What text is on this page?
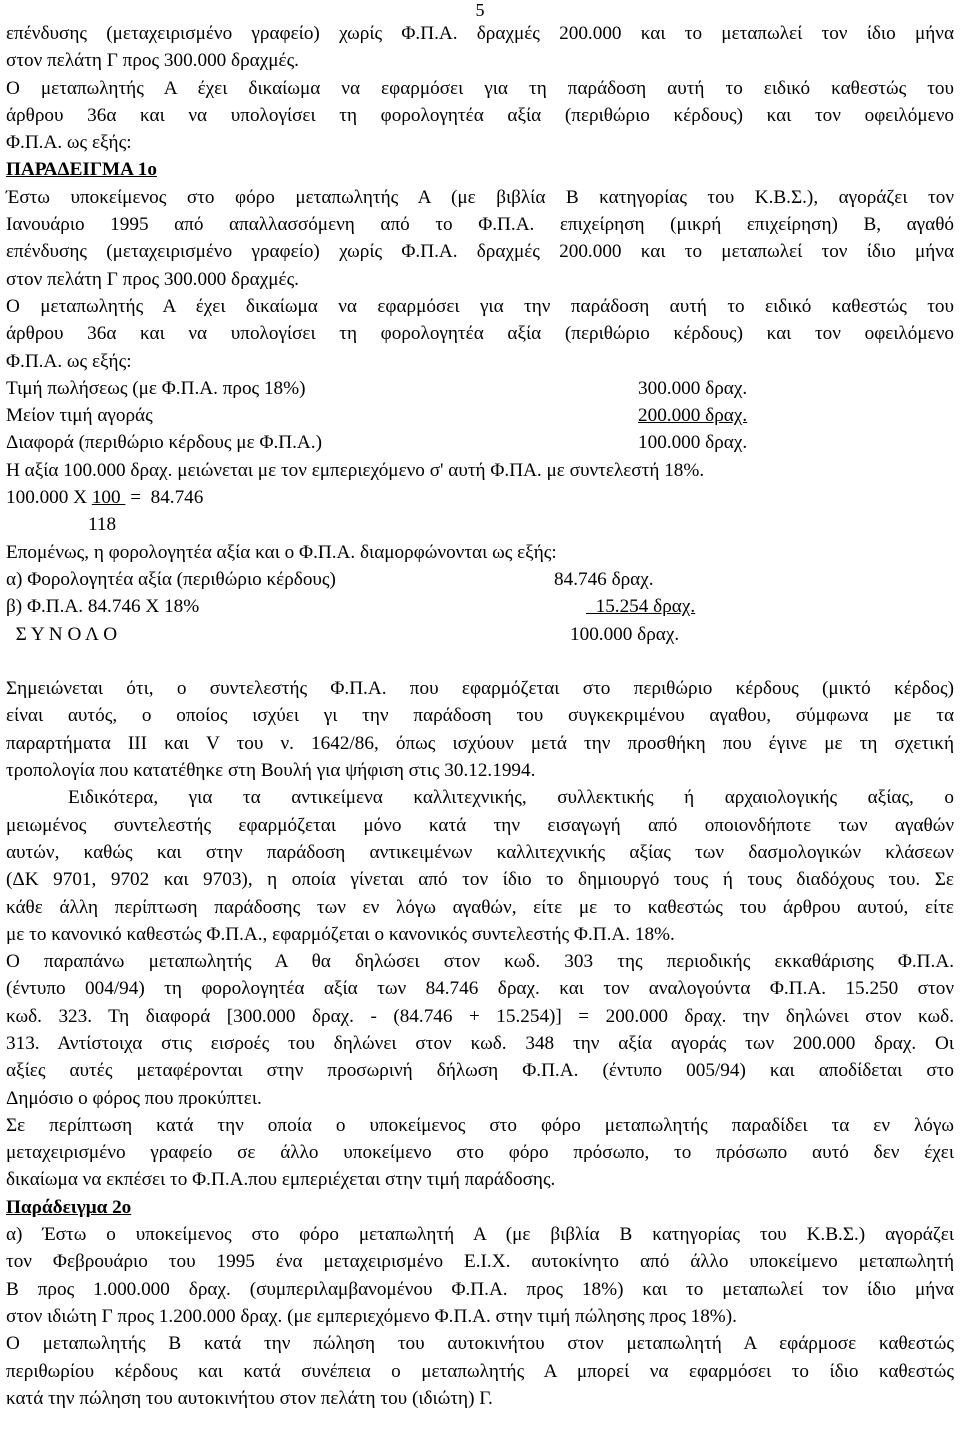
5

επένδυσης (μεταχειρισμένο γραφείο) χωρίς Φ.Π.Α. δραχμές 200.000 και το μεταπωλεί τον ίδιο μήνα

στον πελάτη Γ προς 300.000 δραχμές.

Ο μεταπωλητής Α έχει δικαίωμα να εφαρμόσει για τη παράδοση αυτή το ειδικό καθεστώς του

άρθρου 36α και να υπολογίσει τη φορολογητέα αξία (περιθώριο κέρδους) και τον οφειλόμενο

Φ.Π.Α. ως εξής:

ΠΑΡΑΔΕΙΓΜΑ 1ο

Έστω υποκείμενος στο φόρο μεταπωλητής Α (με βιβλία Β κατηγορίας του Κ.Β.Σ.), αγοράζει τον

Ιανουάριο 1995 από απαλλασσόμενη από το Φ.Π.Α. επιχείρηση (μικρή επιχείρηση) Β, αγαθό

επένδυσης (μεταχειρισμένο γραφείο) χωρίς Φ.Π.Α. δραχμές 200.000 και το μεταπωλεί τον ίδιο μήνα

στον πελάτη Γ προς 300.000 δραχμές.

Ο μεταπωλητής Α έχει δικαίωμα να εφαρμόσει για την παράδοση αυτή το ειδικό καθεστώς του

άρθρου 36α και να υπολογίσει τη φορολογητέα αξία (περιθώριο κέρδους) και τον οφειλόμενο

Φ.Π.Α. ως εξής:

Τιμή πωλήσεως (με Φ.Π.Α. προς 18%)	300.000 δραχ.
Μείον τιμή αγοράς	200.000 δραχ.
Διαφορά (περιθώριο κέρδους με Φ.Π.Α.)	100.000 δραχ.

Η αξία 100.000 δραχ. μειώνεται με τον εμπεριεχόμενο σ' αυτή Φ.ΠΑ. με συντελεστή 18%.

100.000 X 100  =  84.746

118

Επομένως, η φορολογητέα αξία και ο Φ.Π.Α. διαμορφώνονται ως εξής:

α) Φορολογητέα αξία (περιθώριο κέρδους)	84.746 δραχ.
β) Φ.Π.Α. 84.746 Χ 18%	15.254 δραχ.
Σ Υ Ν Ο Λ Ο	100.000 δραχ.

Σημειώνεται ότι, ο συντελεστής Φ.Π.Α. που εφαρμόζεται στο περιθώριο κέρδους (μικτό κέρδος)

είναι αυτός, ο οποίος ισχύει γι την παράδοση του συγκεκριμένου αγαθου, σύμφωνα με τα

παραρτήματα ΙΙΙ και V του ν. 1642/86, όπως ισχύουν μετά την προσθήκη που έγινε με τη σχετική

τροπολογία που κατατέθηκε στη Βουλή για ψήφιση στις 30.12.1994.

Ειδικότερα, για τα αντικείμενα καλλιτεχνικής, συλλεκτικής ή αρχαιολογικής αξίας, ο

μειωμένος συντελεστής εφαρμόζεται μόνο κατά την εισαγωγή από οποιονδήποτε των αγαθών

αυτών, καθώς και στην παράδοση αντικειμένων καλλιτεχνικής αξίας των δασμολογικών κλάσεων

(ΔΚ 9701, 9702 και 9703), η οποία γίνεται από τον ίδιο το δημιουργό τους ή τους διαδόχους του. Σε

κάθε άλλη περίπτωση παράδοσης των εν λόγω αγαθών, είτε με το καθεστώς του άρθρου αυτού, είτε

με το κανονικό καθεστώς Φ.Π.Α., εφαρμόζεται ο κανονικός συντελεστής Φ.Π.Α. 18%.

Ο παραπάνω μεταπωλητής Α θα δηλώσει στον κωδ. 303 της περιοδικής εκκαθάρισης Φ.Π.Α.

(έντυπο 004/94) τη φορολογητέα αξία των 84.746 δραχ. και τον αναλογούντα Φ.Π.Α. 15.250 στον

κωδ. 323. Τη διαφορά [300.000 δραχ. - (84.746 + 15.254)] = 200.000 δραχ. την δηλώνει στον κωδ.

313. Αντίστοιχα στις εισροές του δηλώνει στον κωδ. 348 την αξία αγοράς των 200.000 δραχ. Οι

αξίες αυτές μεταφέρονται στην προσωρινή δήλωση Φ.Π.Α. (έντυπο 005/94) και αποδίδεται στο

Δημόσιο ο φόρος που προκύπτει.

Σε περίπτωση κατά την οποία ο υποκείμενος στο φόρο μεταπωλητής παραδίδει τα εν λόγω

μεταχειρισμένο γραφείο σε άλλο υποκείμενο στο φόρο πρόσωπο, το πρόσωπο αυτό δεν έχει

δικαίωμα να εκπέσει το Φ.Π.Α.που εμπεριέχεται στην τιμή παράδοσης.

Παράδειγμα 2ο

α) Έστω ο υποκείμενος στο φόρο μεταπωλητή Α (με βιβλία Β κατηγορίας του Κ.Β.Σ.) αγοράζει

τον Φεβρουάριο του 1995 ένα μεταχειρισμένο Ε.Ι.Χ. αυτοκίνητο από άλλο υποκείμενο μεταπωλητή

Β προς 1.000.000 δραχ. (συμπεριλαμβανομένου Φ.Π.Α. προς 18%) και το μεταπωλεί τον ίδιο μήνα

στον ιδιώτη Γ προς 1.200.000 δραχ. (με εμπεριεχόμενο Φ.Π.Α. στην τιμή πώλησης προς 18%).

Ο μεταπωλητής Β κατά την πώληση του αυτοκινήτου στον μεταπωλητή Α εφάρμοσε καθεστώς

περιθωρίου κέρδους και κατά συνέπεια ο μεταπωλητής Α μπορεί να εφαρμόσει το ίδιο καθεστώς

κατά την πώληση του αυτοκινήτου στον πελάτη του (ιδιώτη) Γ.
